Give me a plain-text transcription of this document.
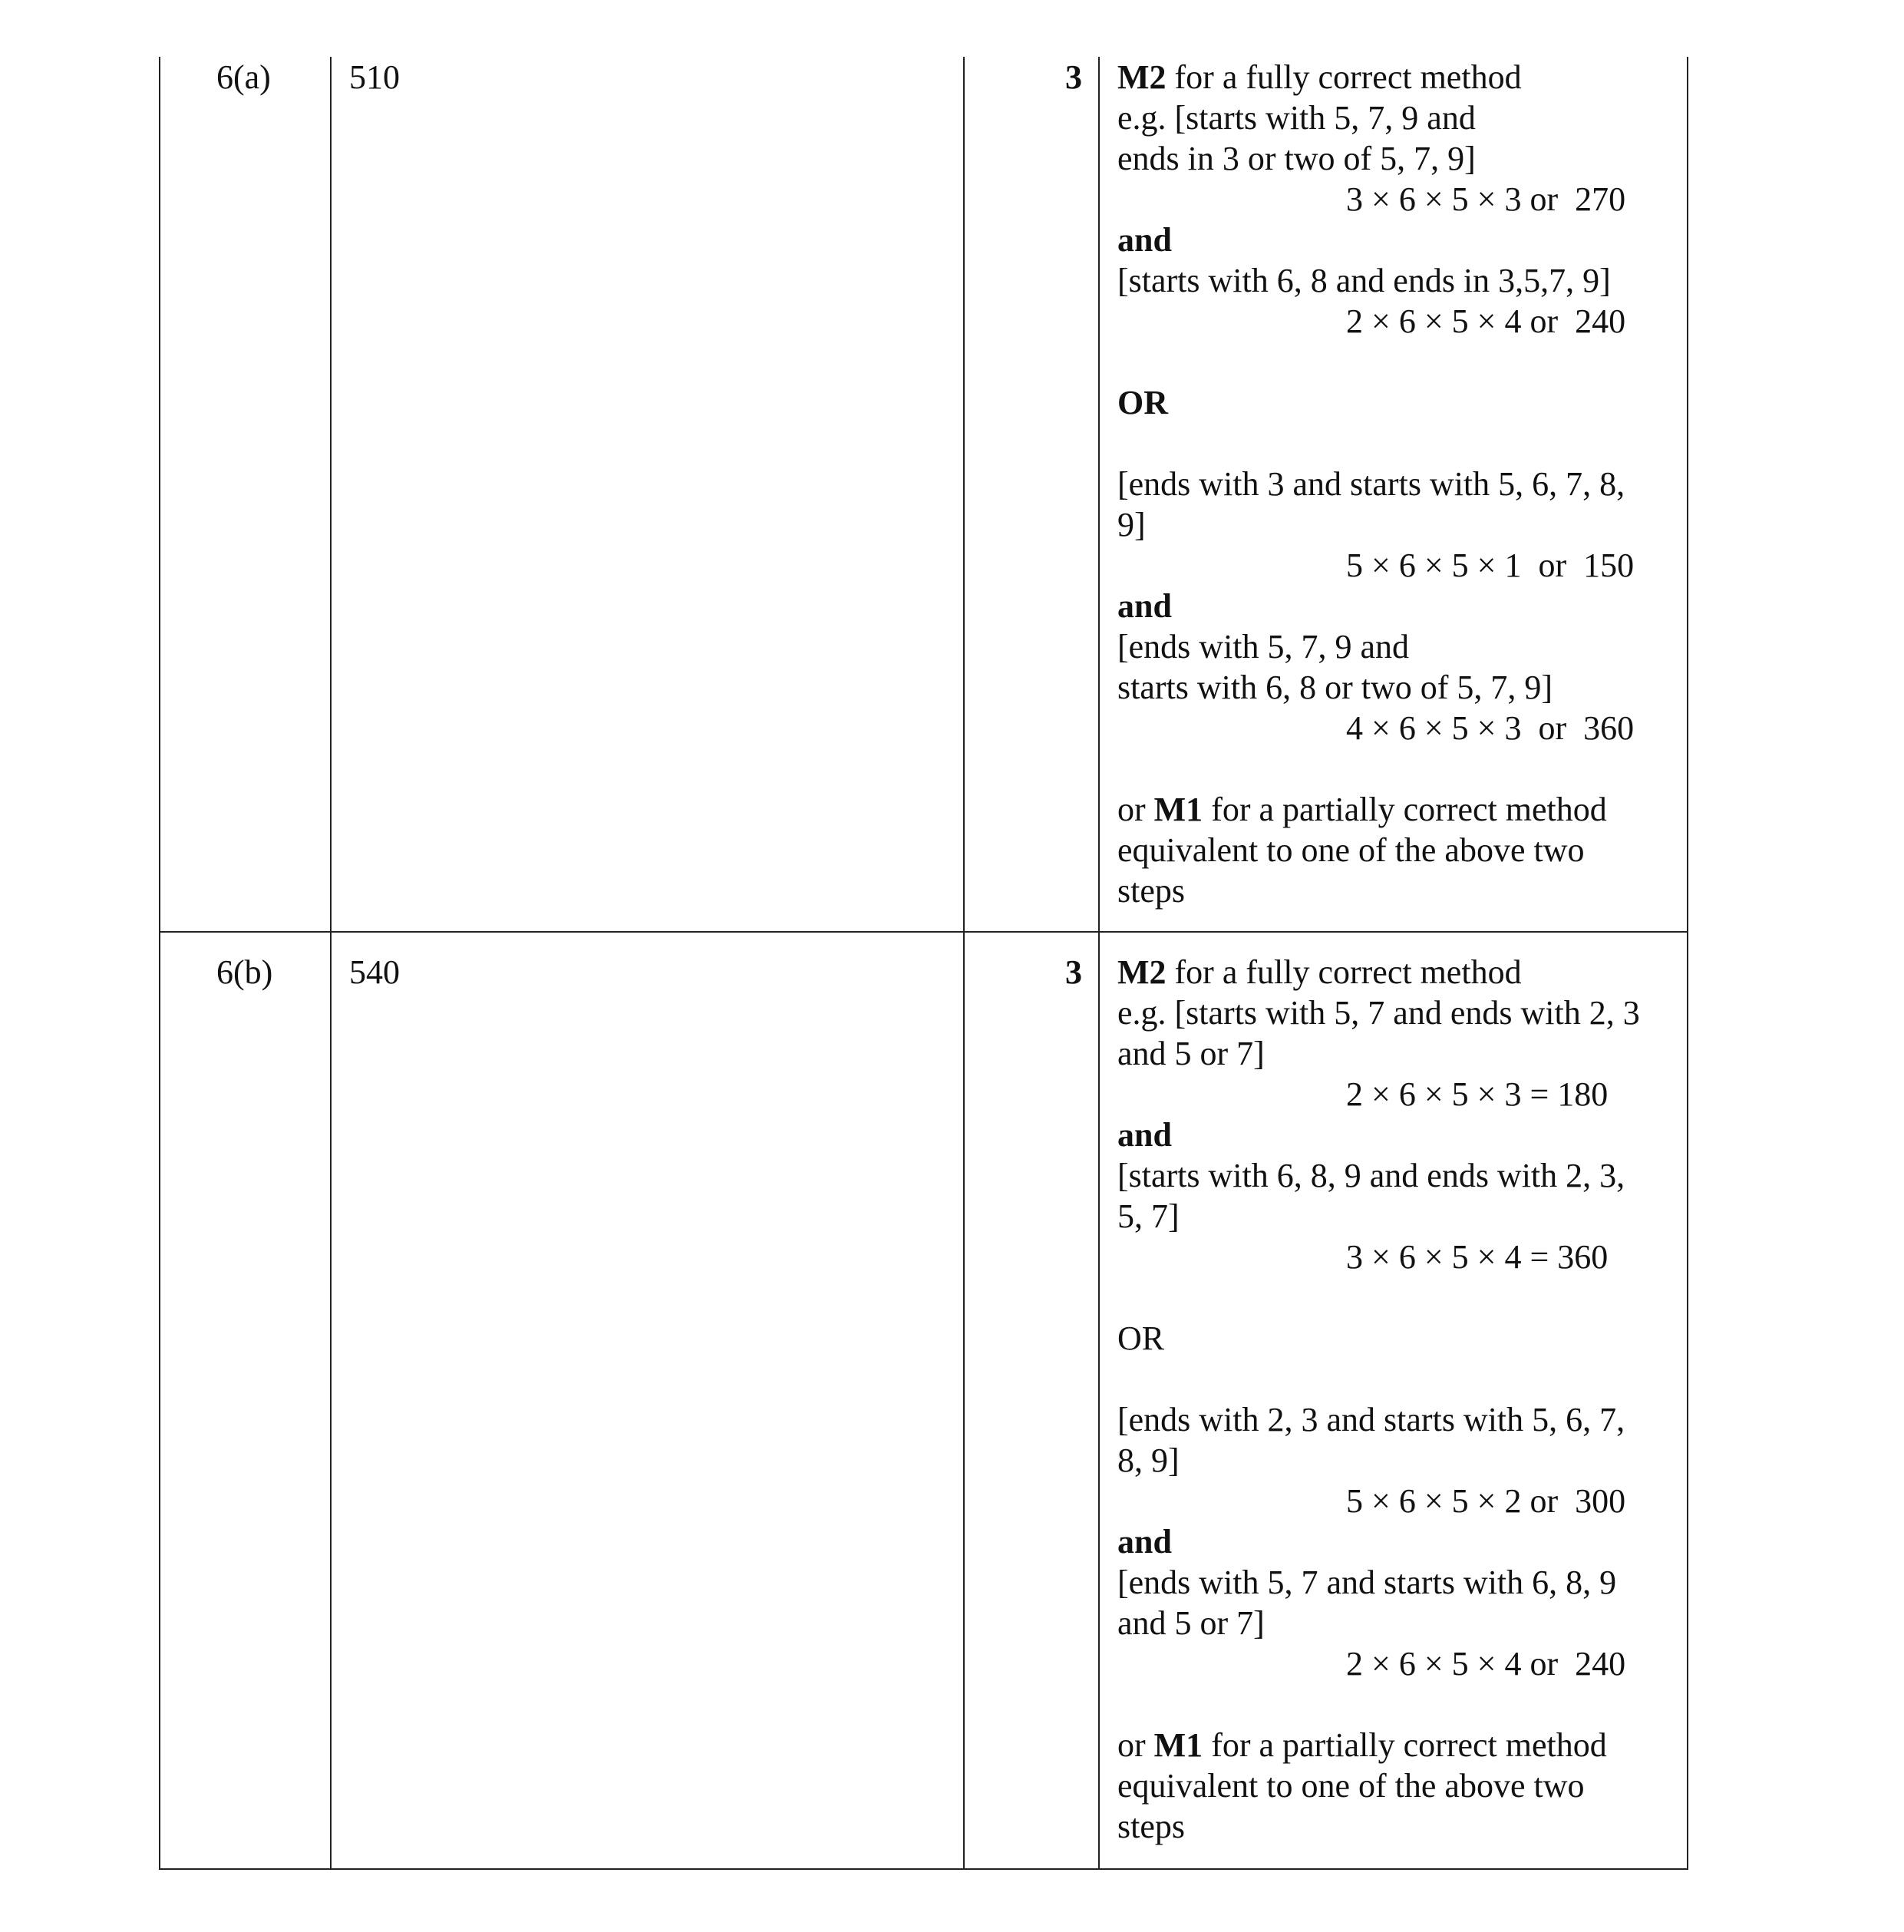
6(a) 510	3 M2 for a fully correct method
e.g. [starts with 5, 7, 9 and
ends in 3 or two of 5, 7, 9]
3 × 6 × 5 × 3 or  270
and
[starts with 6, 8 and ends in 3,5,7, 9]
2 × 6 × 5 × 4 or  240
OR
[ends with 3 and starts with 5, 6, 7, 8,
9]
5 × 6 × 5 × 1  or  150
and
[ends with 5, 7, 9 and
starts with 6, 8 or two of 5, 7, 9]
4 × 6 × 5 × 3  or  360
or M1 for a partially correct method
equivalent to one of the above two
steps
6(b) 540	3 M2 for a fully correct method
e.g. [starts with 5, 7 and ends with 2, 3
and 5 or 7]
2 × 6 × 5 × 3 = 180
and
[starts with 6, 8, 9 and ends with 2, 3,
5, 7]
3 × 6 × 5 × 4 = 360
OR
[ends with 2, 3 and starts with 5, 6, 7,
8, 9]
5 × 6 × 5 × 2 or  300
and
[ends with 5, 7 and starts with 6, 8, 9
and 5 or 7]
2 × 6 × 5 × 4 or  240
or M1 for a partially correct method
equivalent to one of the above two
steps
